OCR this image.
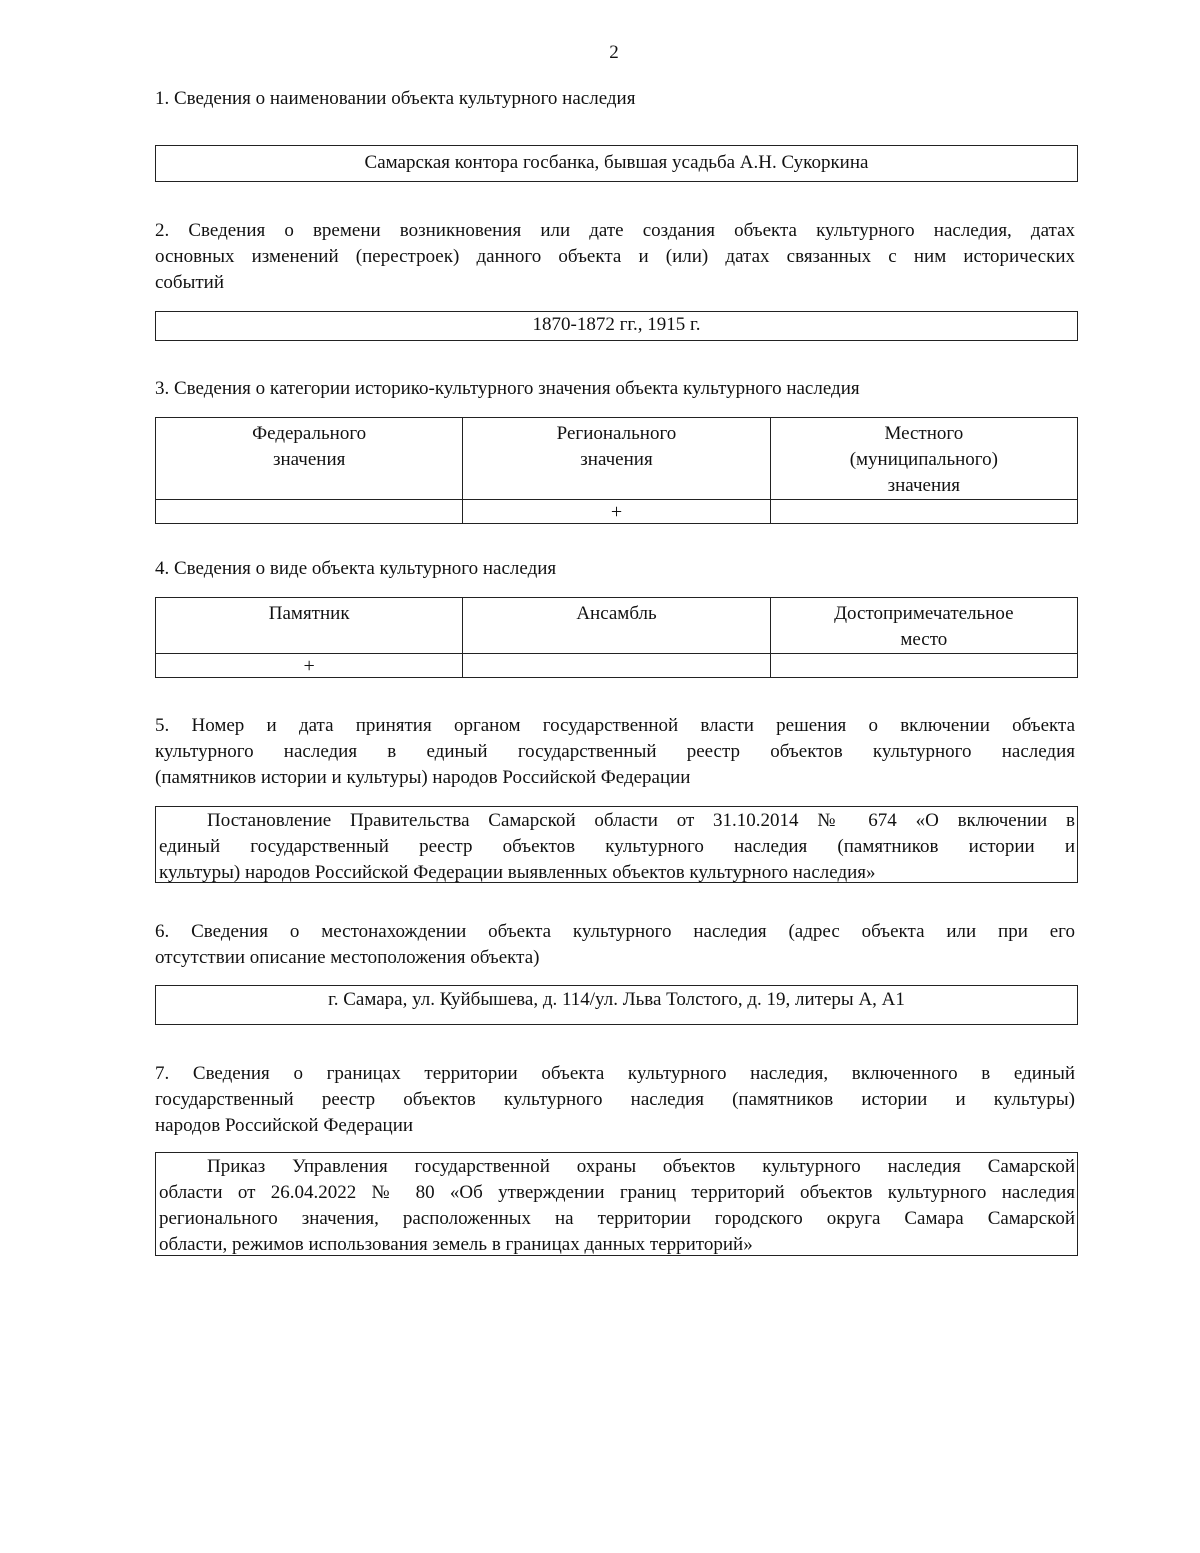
2
1. Сведения о наименовании объекта культурного наследия
Самарская контора госбанка, бывшая усадьба А.Н. Сукоркина
2. Сведения о времени возникновения или дате создания объекта культурного наследия, датах
основных изменений (перестроек) данного объекта и (или) датах связанных с ним исторических
событий
1870-1872 гг., 1915 г.
3. Сведения о категории историко-культурного значения объекта культурного наследия
Федерального
значения	Регионального
значения	Местного
(муниципального)
значения

	+	
4. Сведения о виде объекта культурного наследия
Памятник	Ансамбль	Достопримечательное
место

+		
5. Номер и дата принятия органом государственной власти решения о включении объекта
культурного наследия в единый государственный реестр объектов культурного наследия
(памятников истории и культуры) народов Российской Федерации
Постановление Правительства Самарской области от 31.10.2014 № 674 «О включении в
единый государственный реестр объектов культурного наследия (памятников истории и
культуры) народов Российской Федерации выявленных объектов культурного наследия»
6. Сведения о местонахождении объекта культурного наследия (адрес объекта или при его
отсутствии описание местоположения объекта)
г. Самара, ул. Куйбышева, д. 114/ул. Льва Толстого, д. 19, литеры А, А1
7. Сведения о границах территории объекта культурного наследия, включенного в единый
государственный реестр объектов культурного наследия (памятников истории и культуры)
народов Российской Федерации
Приказ Управления государственной охраны объектов культурного наследия Самарской
области от 26.04.2022 № 80 «Об утверждении границ территорий объектов культурного наследия
регионального значения, расположенных на территории городского округа Самара Самарской
области, режимов использования земель в границах данных территорий»
